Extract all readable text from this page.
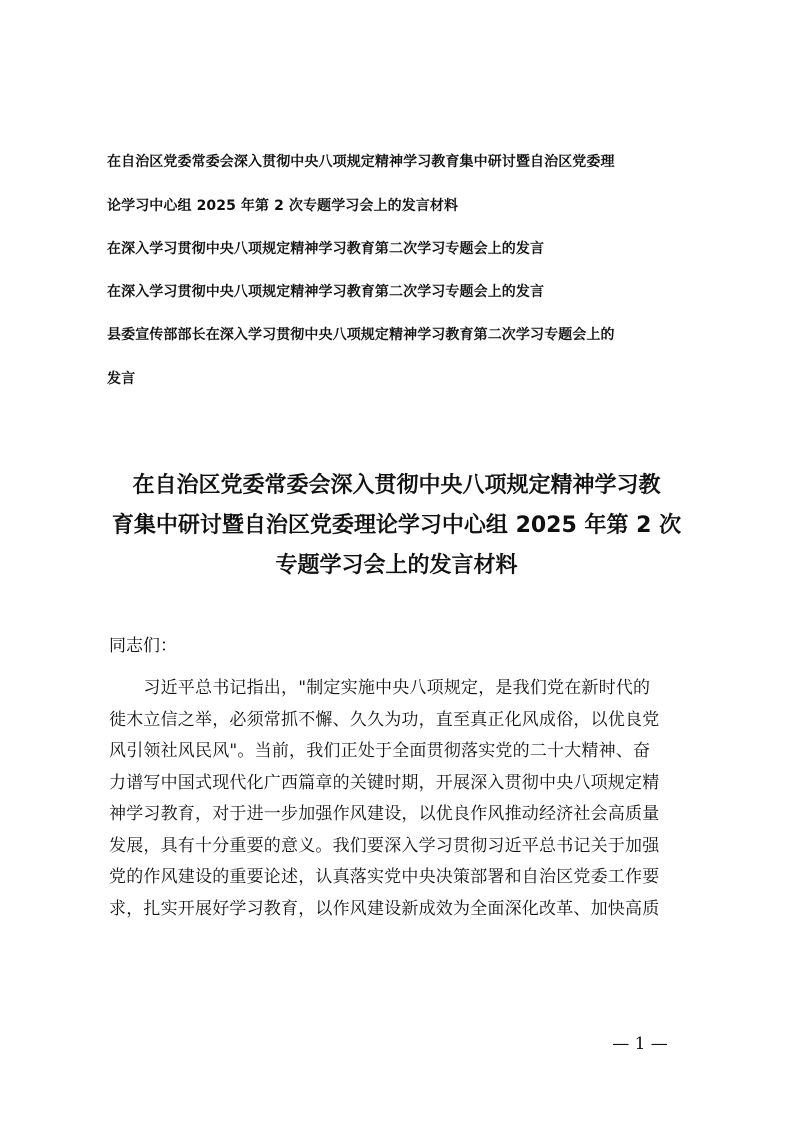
在自治区党委常委会深入贯彻中央八项规定精神学习教育集中研讨暨自治区党委理
论学习中心组 2025 年第 2 次专题学习会上的发言材料
在深入学习贯彻中央八项规定精神学习教育第二次学习专题会上的发言
在深入学习贯彻中央八项规定精神学习教育第二次学习专题会上的发言
县委宣传部部长在深入学习贯彻中央八项规定精神学习教育第二次学习专题会上的
发言
在自治区党委常委会深入贯彻中央八项规定精神学习教
育集中研讨暨自治区党委理论学习中心组 2025 年第 2 次
专题学习会上的发言材料

同志们：

　　习近平总书记指出，"制定实施中央八项规定，是我们党在新时代的
徙木立信之举，必须常抓不懈、久久为功，直至真正化风成俗，以优良党
风引领社风民风"。当前，我们正处于全面贯彻落实党的二十大精神、奋
力谱写中国式现代化广西篇章的关键时期，开展深入贯彻中央八项规定精
神学习教育，对于进一步加强作风建设，以优良作风推动经济社会高质量
发展，具有十分重要的意义。我们要深入学习贯彻习近平总书记关于加强
党的作风建设的重要论述，认真落实党中央决策部署和自治区党委工作要
求，扎实开展好学习教育，以作风建设新成效为全面深化改革、加快高质
— 1 —
